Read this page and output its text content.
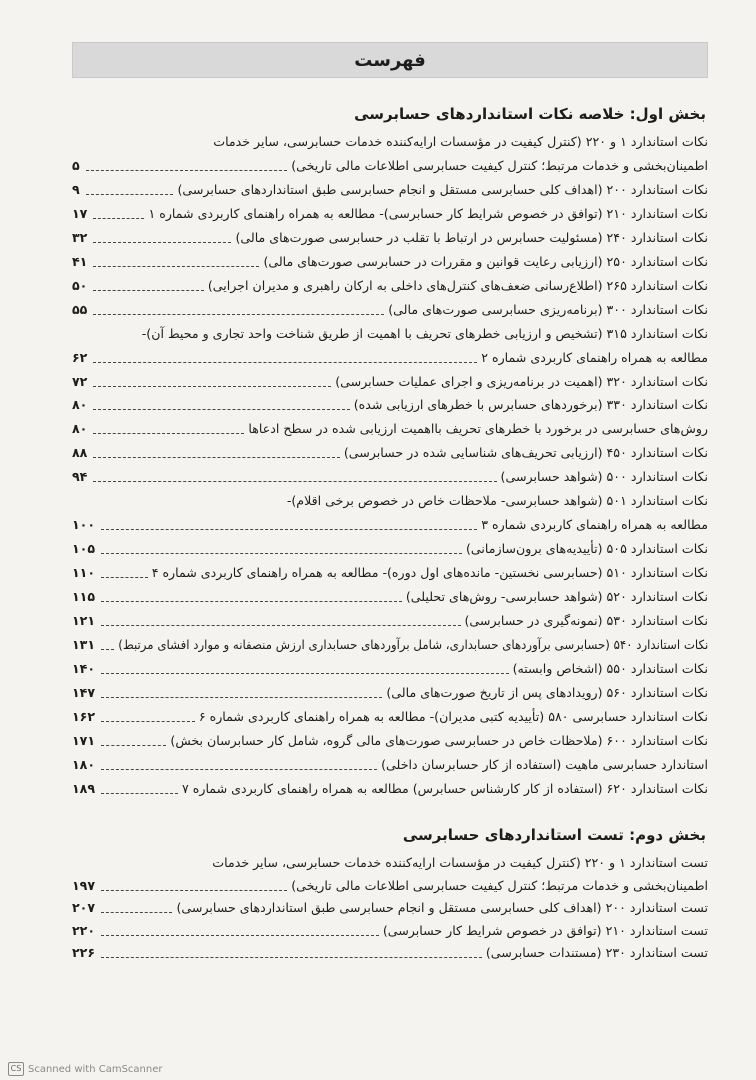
فهرست
بخش اول: خلاصه نکات استانداردهای حسابرسی
نکات استاندارد ۱ و ۲۲۰ (کنترل کیفیت در مؤسسات ارایه‌کننده خدمات حسابرسی، سایر خدمات
اطمینان‌بخشی و خدمات مرتبط؛ کنترل کیفیت حسابرسی اطلاعات مالی تاریخی)
۵
نکات استاندارد ۲۰۰ (اهداف کلی حسابرسی مستقل و انجام حسابرسی طبق استانداردهای حسابرسی)
۹
نکات استاندارد ۲۱۰ (توافق در خصوص شرایط کار حسابرسی)- مطالعه به همراه راهنمای کاربردی شماره ۱
۱۷
نکات استاندارد ۲۴۰ (مسئولیت حسابرس در ارتباط با تقلب در حسابرسی صورت‌های مالی)
۳۲
نکات استاندارد ۲۵۰ (ارزیابی رعایت قوانین و مقررات در حسابرسی صورت‌های مالی)
۴۱
نکات استاندارد ۲۶۵ (اطلاع‌رسانی ضعف‌های کنترل‌های داخلی به ارکان راهبری و مدیران اجرایی)
۵۰
نکات استاندارد ۳۰۰ (برنامه‌ریزی حسابرسی صورت‌های مالی)
۵۵
نکات استاندارد ۳۱۵ (تشخیص و ارزیابی خطرهای تحریف با اهمیت از طریق شناخت واحد تجاری و محیط آن)-
مطالعه به همراه راهنمای کاربردی شماره ۲
۶۲
نکات استاندارد ۳۲۰ (اهمیت در برنامه‌ریزی و اجرای عملیات حسابرسی)
۷۲
نکات استاندارد ۳۳۰ (برخوردهای حسابرس با خطرهای ارزیابی شده)
۸۰
روش‌های حسابرسی در برخورد با خطرهای تحریف بااهمیت ارزیابی شده در سطح ادعاها
۸۰
نکات استاندارد ۴۵۰ (ارزیابی تحریف‌های شناسایی شده در حسابرسی)
۸۸
نکات استاندارد ۵۰۰ (شواهد حسابرسی)
۹۴
نکات استاندارد ۵۰۱ (شواهد حسابرسی- ملاحظات خاص در خصوص برخی اقلام)-
مطالعه به همراه راهنمای کاربردی شماره ۳
۱۰۰
نکات استاندارد ۵۰۵ (تأییدیه‌های برون‌سازمانی)
۱۰۵
نکات استاندارد ۵۱۰ (حسابرسی نخستین- مانده‌های اول دوره)- مطالعه به همراه راهنمای کاربردی شماره ۴
۱۱۰
نکات استاندارد ۵۲۰ (شواهد حسابرسی- روش‌های تحلیلی)
۱۱۵
نکات استاندارد ۵۳۰ (نمونه‌گیری در حسابرسی)
۱۲۱
نکات استاندارد ۵۴۰ (حسابرسی برآوردهای حسابداری، شامل برآوردهای حسابداری ارزش منصفانه و موارد افشای مرتبط)
۱۳۱
نکات استاندارد ۵۵۰ (اشخاص وابسته)
۱۴۰
نکات استاندارد ۵۶۰ (رویدادهای پس از تاریخ صورت‌های مالی)
۱۴۷
نکات استاندارد حسابرسی ۵۸۰ (تأییدیه کتبی مدیران)- مطالعه به همراه راهنمای کاربردی شماره ۶
۱۶۲
نکات استاندارد ۶۰۰ (ملاحظات خاص در حسابرسی صورت‌های مالی گروه، شامل کار حسابرسان بخش)
۱۷۱
استاندارد حسابرسی ماهیت (استفاده از کار حسابرسان داخلی)
۱۸۰
نکات استاندارد ۶۲۰ (استفاده از کار کارشناس حسابرس) مطالعه به همراه راهنمای کاربردی شماره ۷
۱۸۹
بخش دوم: تست استانداردهای حسابرسی
تست استاندارد ۱ و ۲۲۰ (کنترل کیفیت در مؤسسات ارایه‌کننده خدمات حسابرسی، سایر خدمات
اطمینان‌بخشی و خدمات مرتبط؛ کنترل کیفیت حسابرسی اطلاعات مالی تاریخی)
۱۹۷
تست استاندارد ۲۰۰ (اهداف کلی حسابرسی مستقل و انجام حسابرسی طبق استانداردهای حسابرسی)
۲۰۷
تست استاندارد ۲۱۰ (توافق در خصوص شرایط کار حسابرسی)
۲۲۰
تست استاندارد ۲۳۰ (مستندات حسابرسی)
۲۲۶
CS Scanned with CamScanner
